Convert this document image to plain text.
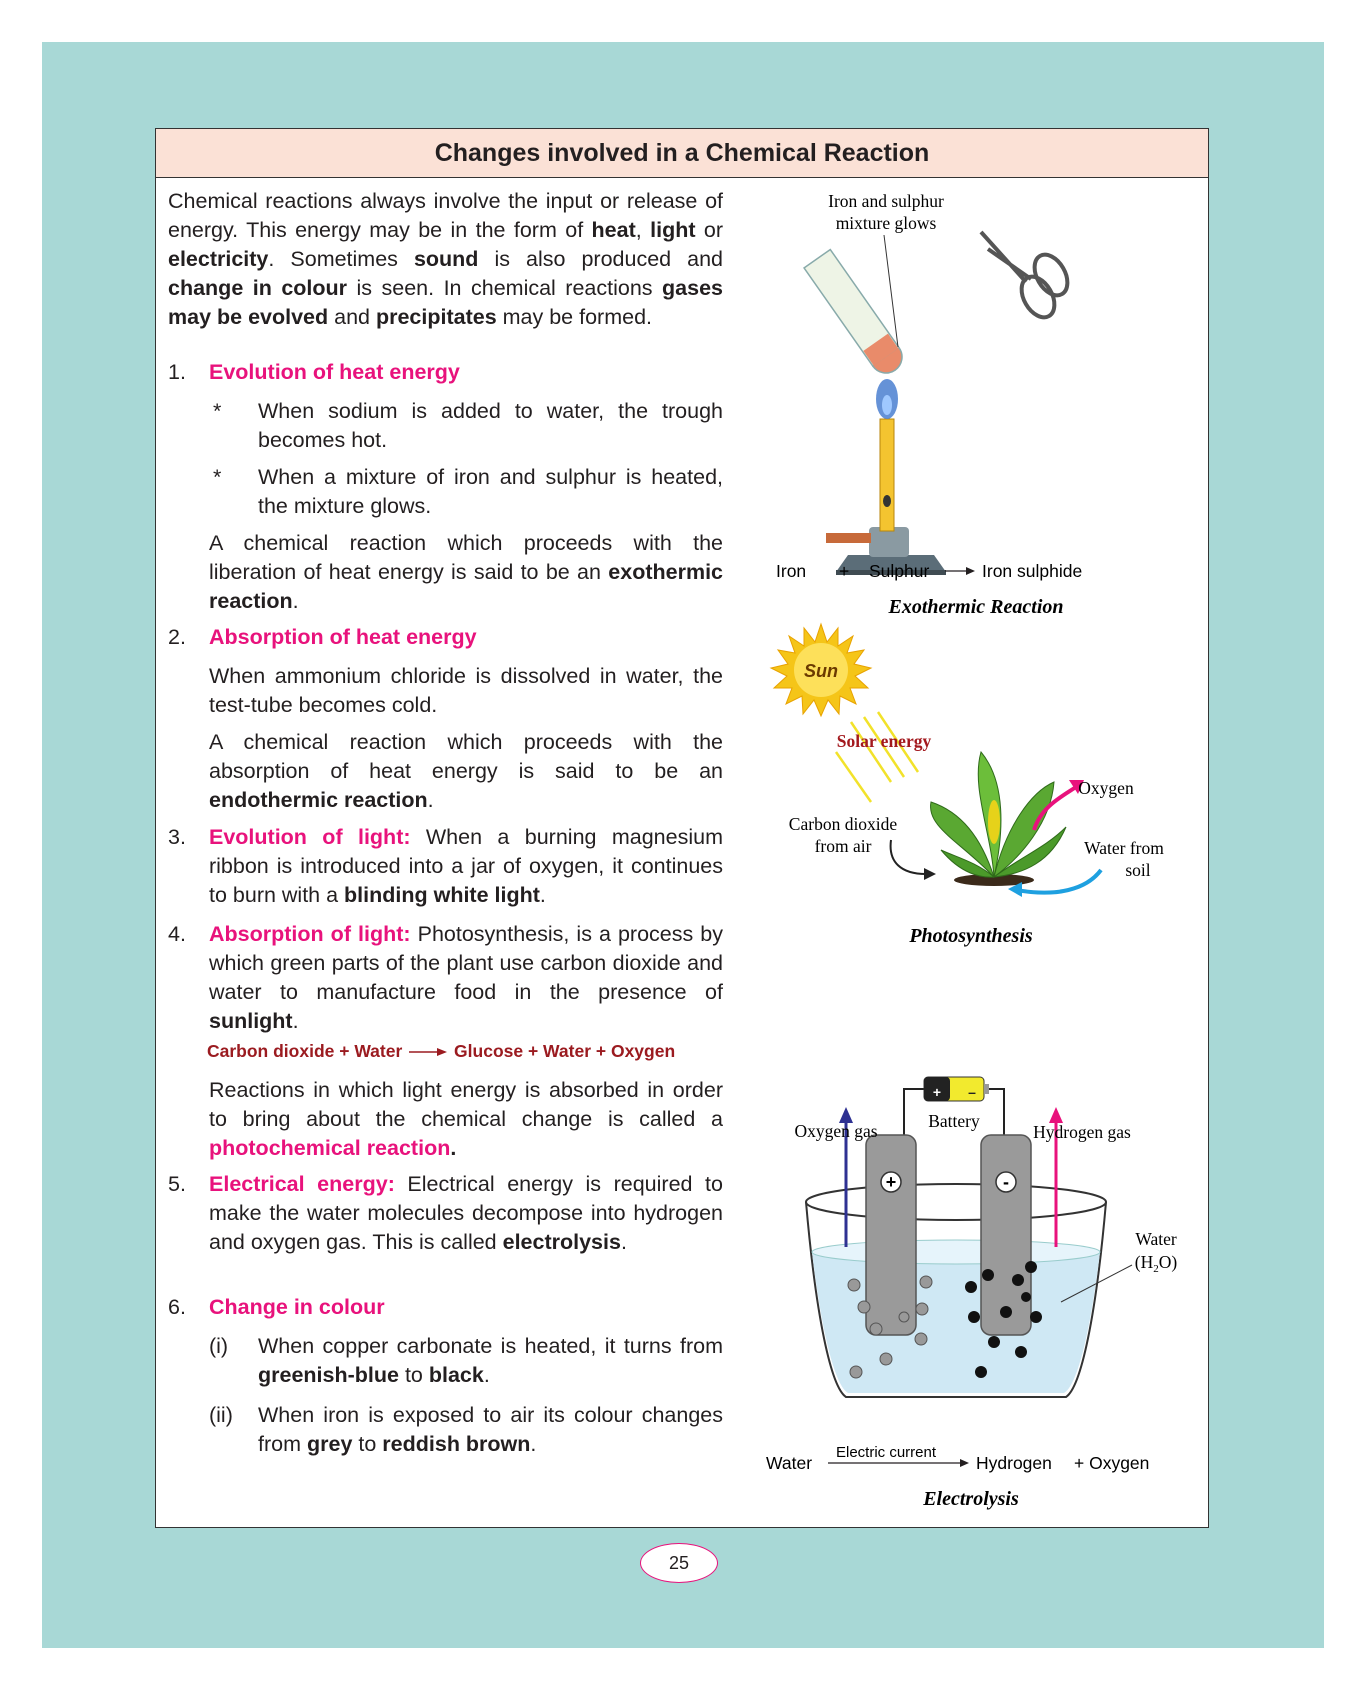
Changes involved in a Chemical Reaction

Chemical reactions always involve the input or release of energy. This energy may be in the form of heat, light or electricity. Sometimes sound is also produced and change in colour is seen. In chemical reactions gases may be evolved and precipitates may be formed.

1. Evolution of heat energy
* When sodium is added to water, the trough becomes hot.

* When a mixture of iron and sulphur is heated, the mixture glows.

A chemical reaction which proceeds with the liberation of heat energy is said to be an exothermic reaction.

2. Absorption of heat energy

When ammonium chloride is dissolved in water, the test-tube becomes cold.

A chemical reaction which proceeds with the absorption of heat energy is said to be an endothermic reaction.

3. Evolution of light: When a burning magnesium ribbon is introduced into a jar of oxygen, it continues to burn with a blinding white light.

4. Absorption of light: Photosynthesis, is a process by which green parts of the plant use carbon dioxide and water to manufacture food in the presence of sunlight.

Carbon dioxide + Water	Glucose + Water + Oxygen

Reactions in which light energy is absorbed in order to bring about the chemical change is called a photochemical reaction.

5. Electrical energy: Electrical energy is required to make the water molecules decompose into hydrogen and oxygen gas. This is called electrolysis.

6. Change in colour
(i) When copper carbonate is heated, it turns from greenish-blue to black.

(ii) When iron is exposed to air its colour changes from grey to reddish brown.

Iron and sulphur
mixture glows
Iron + Sulphur	Iron sulphide
Exothermic Reaction
Sun
Solar energy
Oxygen
Carbon dioxide
from air	Water from
soil
Photosynthesis
+ –
Battery
+	-
Oxygen gas	Hydrogen gas
Water
$(H_2O)$
Water
Electric current
Hydrogen + Oxygen
Electrolysis
25
